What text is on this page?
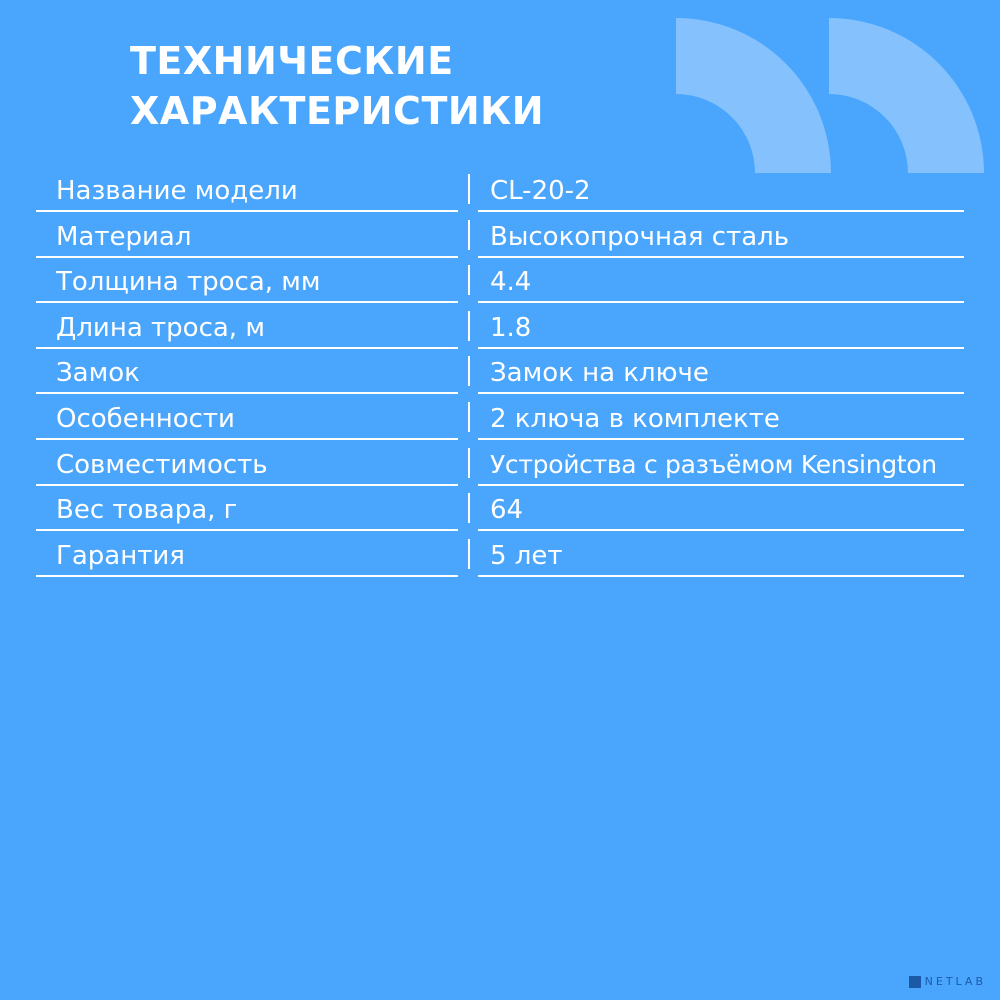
ТЕХНИЧЕСКИЕ
ХАРАКТЕРИСТИКИ
Название модели	CL-20-2
Материал	Высокопрочная сталь
Толщина троса, мм	4.4
Длина троса, м	1.8
Замок	Замок на ключе
Особенности	2 ключа в комплекте
Совместимость	Устройства с разъёмом Kensington
Вес товара, г	64
Гарантия	5 лет
NETLAB
